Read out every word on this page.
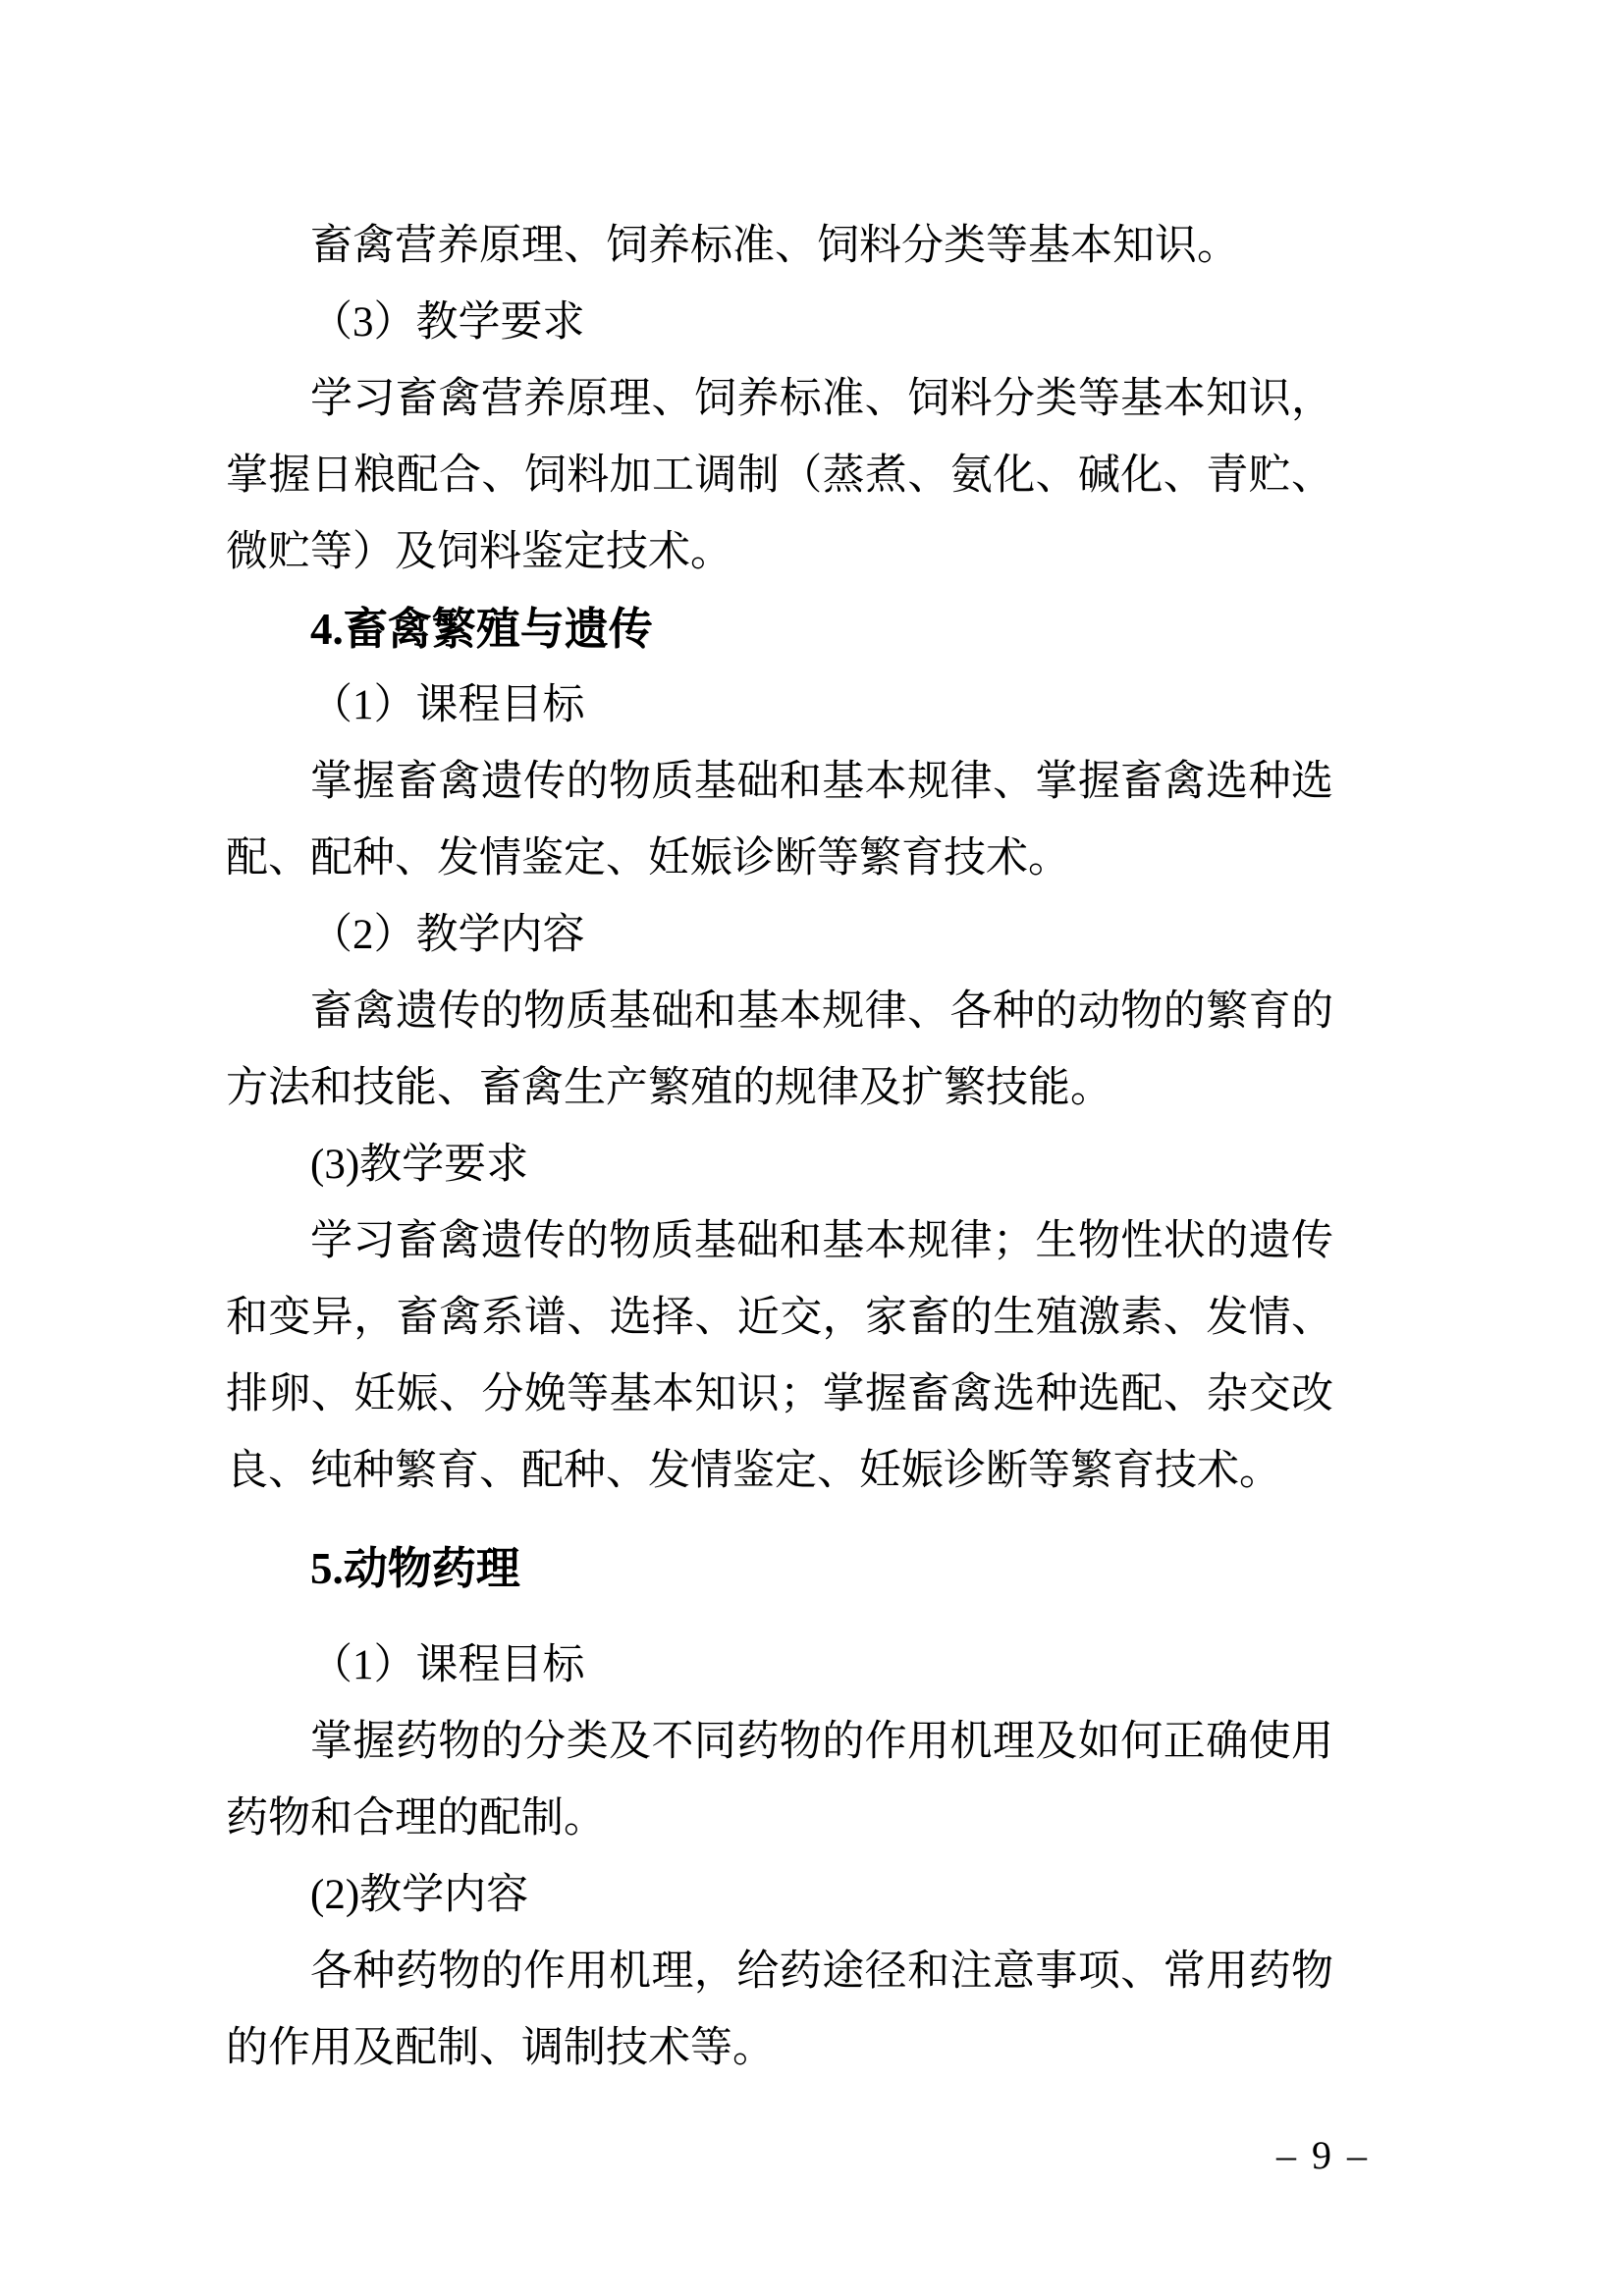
畜禽营养原理、饲养标准、饲料分类等基本知识。
（3）教学要求
学习畜禽营养原理、饲养标准、饲料分类等基本知识，
掌握日粮配合、饲料加工调制（蒸煮、氨化、碱化、青贮、
微贮等）及饲料鉴定技术。
4.畜禽繁殖与遗传
（1）课程目标
掌握畜禽遗传的物质基础和基本规律、掌握畜禽选种选
配、配种、发情鉴定、妊娠诊断等繁育技术。
（2）教学内容
畜禽遗传的物质基础和基本规律、各种的动物的繁育的
方法和技能、畜禽生产繁殖的规律及扩繁技能。
(3)教学要求
学习畜禽遗传的物质基础和基本规律；生物性状的遗传
和变异，畜禽系谱、选择、近交，家畜的生殖激素、发情、
排卵、妊娠、分娩等基本知识；掌握畜禽选种选配、杂交改
良、纯种繁育、配种、发情鉴定、妊娠诊断等繁育技术。
5.动物药理
（1）课程目标
掌握药物的分类及不同药物的作用机理及如何正确使用
药物和合理的配制。
(2)教学内容
各种药物的作用机理，给药途径和注意事项、常用药物
的作用及配制、调制技术等。
– 9 –
